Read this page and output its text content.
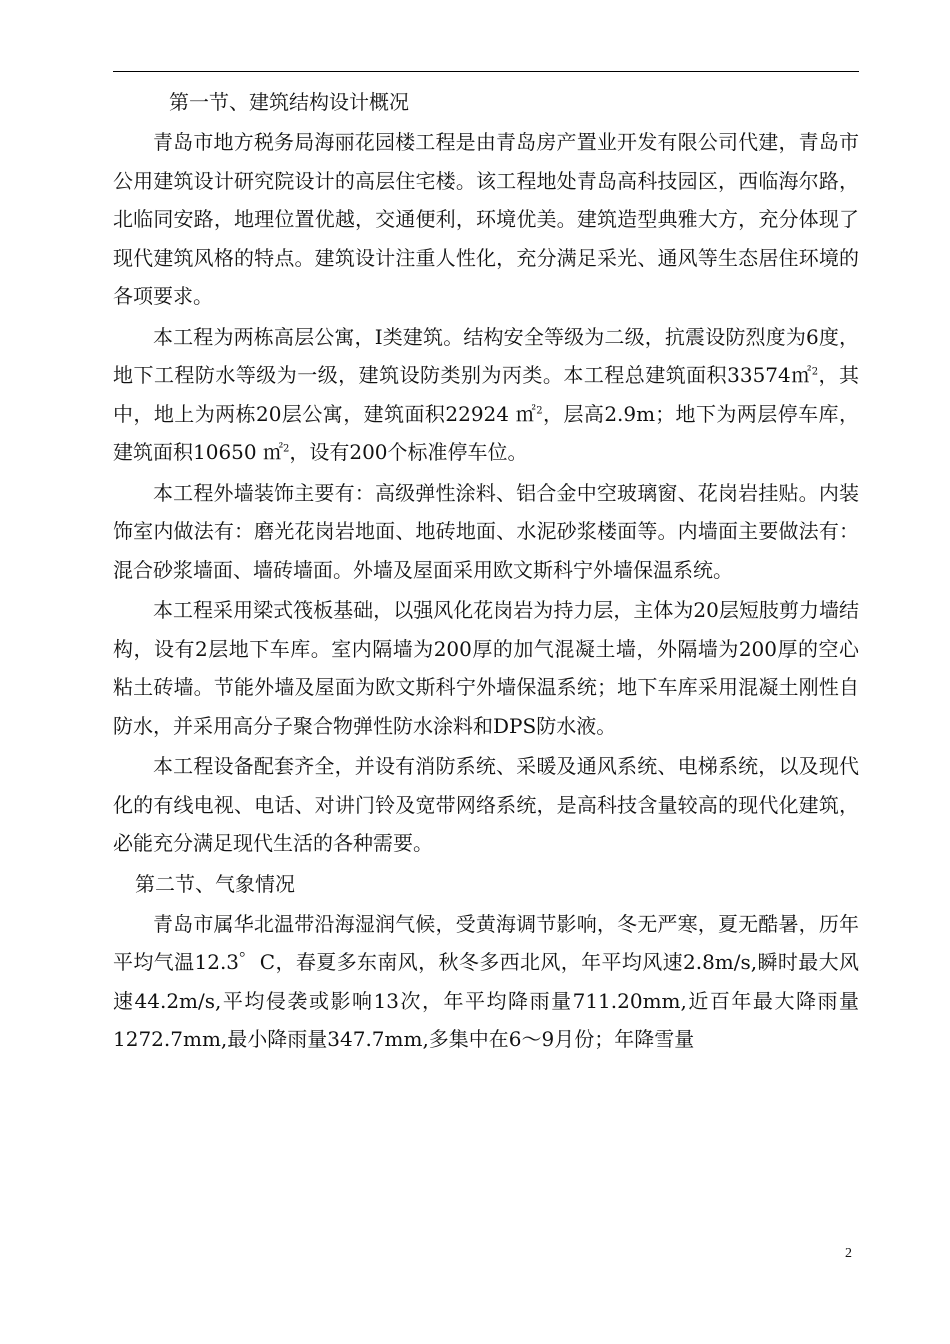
第一节、建筑结构设计概况

青岛市地方税务局海丽花园楼工程是由青岛房产置业开发有限公司代建，青岛市公用建筑设计研究院设计的高层住宅楼。该工程地处青岛高科技园区，西临海尔路，北临同安路，地理位置优越，交通便利，环境优美。建筑造型典雅大方，充分体现了现代建筑风格的特点。建筑设计注重人性化，充分满足采光、通风等生态居住环境的各项要求。

本工程为两栋高层公寓，Ⅰ类建筑。结构安全等级为二级，抗震设防烈度为6度，地下工程防水等级为一级，建筑设防类别为丙类。本工程总建筑面积33574㎡$^2$，其中，地上为两栋20层公寓，建筑面积22924 ㎡$^2$，层高2.9m；地下为两层停车库，建筑面积10650 ㎡$^2$，设有200个标准停车位。

本工程外墙装饰主要有：高级弹性涂料、铝合金中空玻璃窗、花岗岩挂贴。内装饰室内做法有：磨光花岗岩地面、地砖地面、水泥砂浆楼面等。内墙面主要做法有：混合砂浆墙面、墙砖墙面。外墙及屋面采用欧文斯科宁外墙保温系统。

本工程采用梁式筏板基础，以强风化花岗岩为持力层，主体为20层短肢剪力墙结构，设有2层地下车库。室内隔墙为200厚的加气混凝土墙，外隔墙为200厚的空心粘土砖墙。节能外墙及屋面为欧文斯科宁外墙保温系统；地下车库采用混凝土刚性自防水，并采用高分子聚合物弹性防水涂料和DPS防水液。

本工程设备配套齐全，并设有消防系统、采暖及通风系统、电梯系统，以及现代化的有线电视、电话、对讲门铃及宽带网络系统，是高科技含量较高的现代化建筑，必能充分满足现代生活的各种需要。

第二节、气象情况

青岛市属华北温带沿海湿润气候，受黄海调节影响，冬无严寒，夏无酷暑，历年平均气温12.3゜C，春夏多东南风，秋冬多西北风，年平均风速2.8m/s,瞬时最大风速44.2m/s,平均侵袭或影响13次，年平均降雨量711.20mm,近百年最大降雨量1272.7mm,最小降雨量347.7mm,多集中在6～9月份；年降雪量

2
